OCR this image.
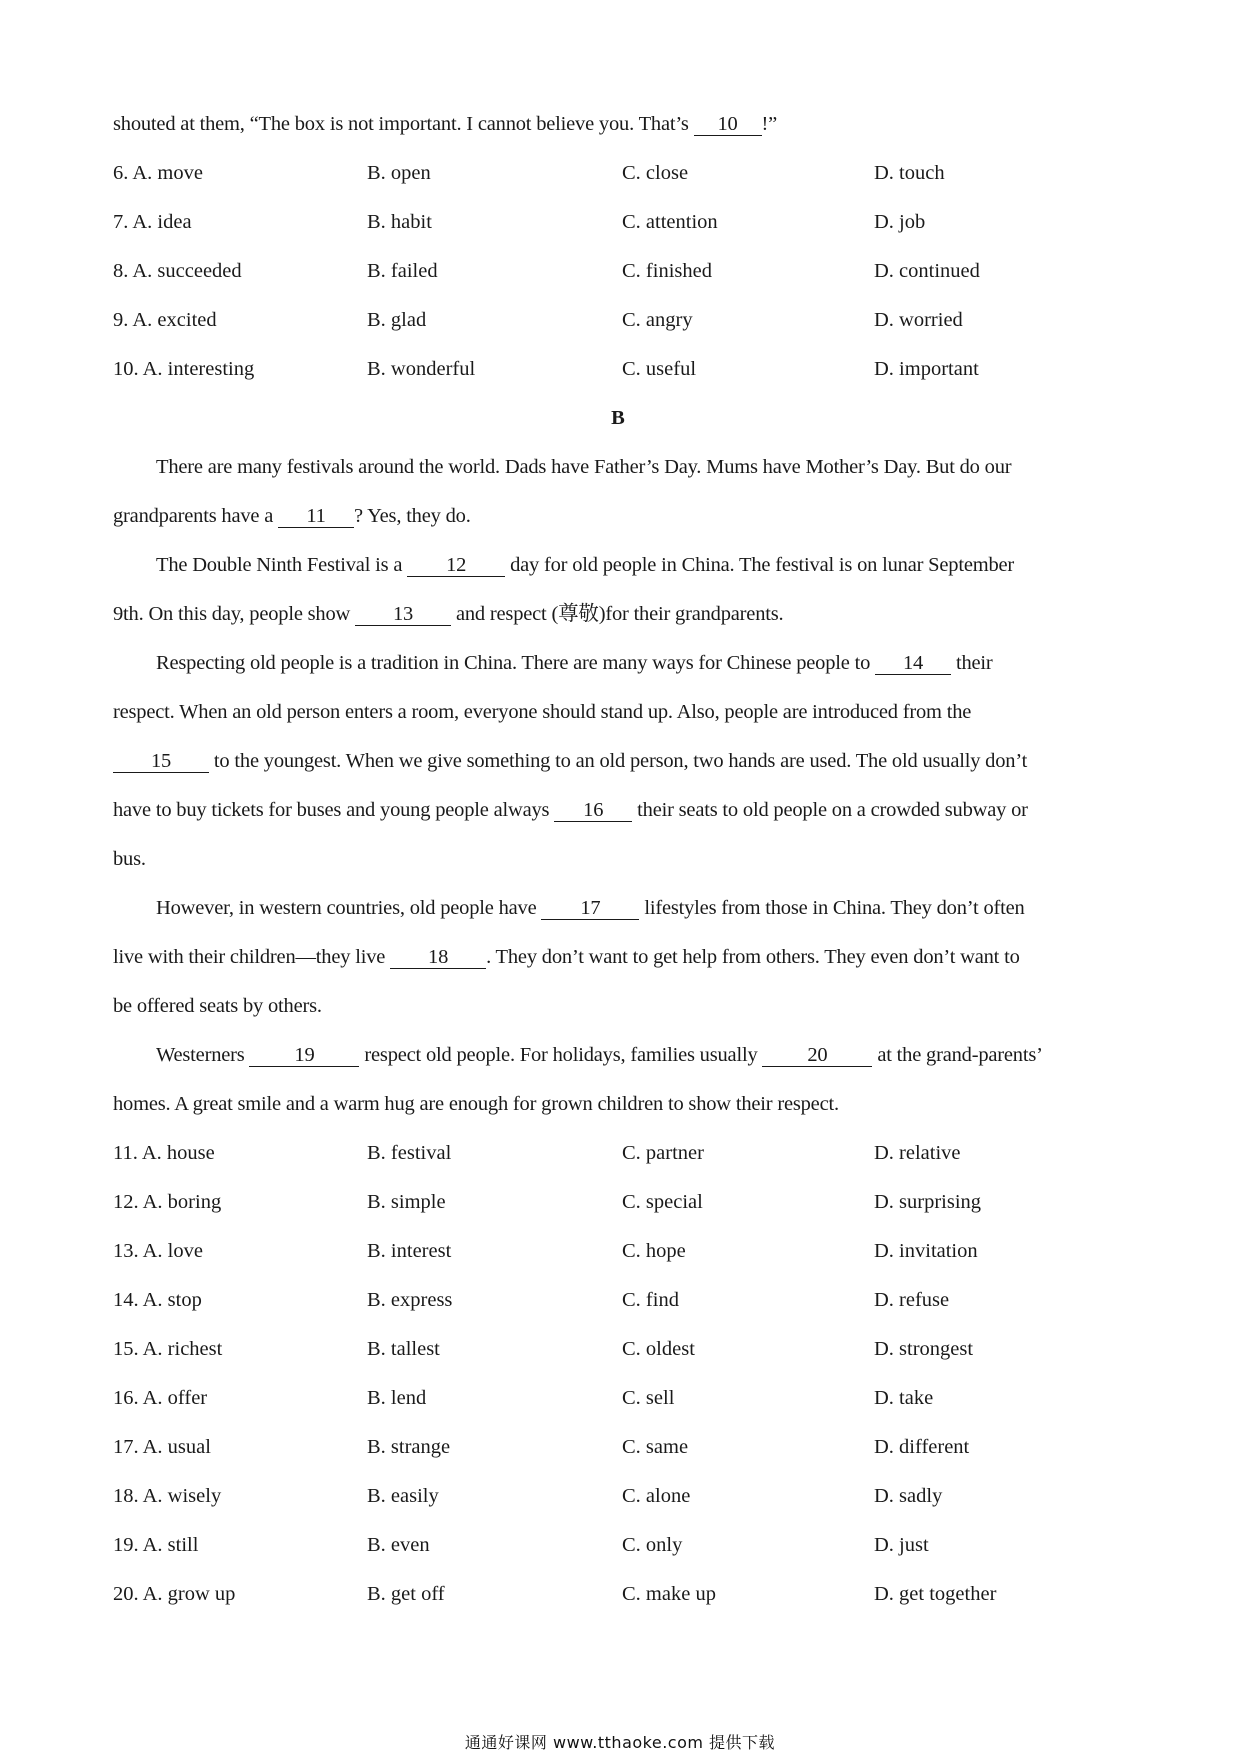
shouted at them, “The box is not important. I cannot believe you. That’s 10 !”
6. A. move	B. open	C. close	D. touch
7. A. idea	B. habit	C. attention	D. job
8. A. succeeded	B. failed	C. finished	D. continued
9. A. excited	B. glad	C. angry	D. worried
10. A. interesting	B. wonderful	C. useful	D. important
B
There are many festivals around the world. Dads have Father’s Day. Mums have Mother’s Day. But do our
grandparents have a 11 ? Yes, they do.
The Double Ninth Festival is a 12 day for old people in China. The festival is on lunar September
9th. On this day, people show 13 and respect (尊敬)for their grandparents.
Respecting old people is a tradition in China. There are many ways for Chinese people to 14 their
respect. When an old person enters a room, everyone should stand up. Also, people are introduced from the
15 to the youngest. When we give something to an old person, two hands are used. The old usually don’t
have to buy tickets for buses and young people always 16 their seats to old people on a crowded subway or
bus.
However, in western countries, old people have 17 lifestyles from those in China. They don’t often
live with their children—they live 18 . They don’t want to get help from others. They even don’t want to
be offered seats by others.
Westerners 19 respect old people. For holidays, families usually 20 at the grand-parents’
homes. A great smile and a warm hug are enough for grown children to show their respect.
11. A. house	B. festival	C. partner	D. relative
12. A. boring	B. simple	C. special	D. surprising
13. A. love	B. interest	C. hope	D. invitation
14. A. stop	B. express	C. find	D. refuse
15. A. richest	B. tallest	C. oldest	D. strongest
16. A. offer	B. lend	C. sell	D. take
17. A. usual	B. strange	C. same	D. different
18. A. wisely	B. easily	C. alone	D. sadly
19. A. still	B. even	C. only	D. just
20. A. grow up	B. get off	C. make up	D. get together
通通好课网 www.tthaoke.com 提供下载
